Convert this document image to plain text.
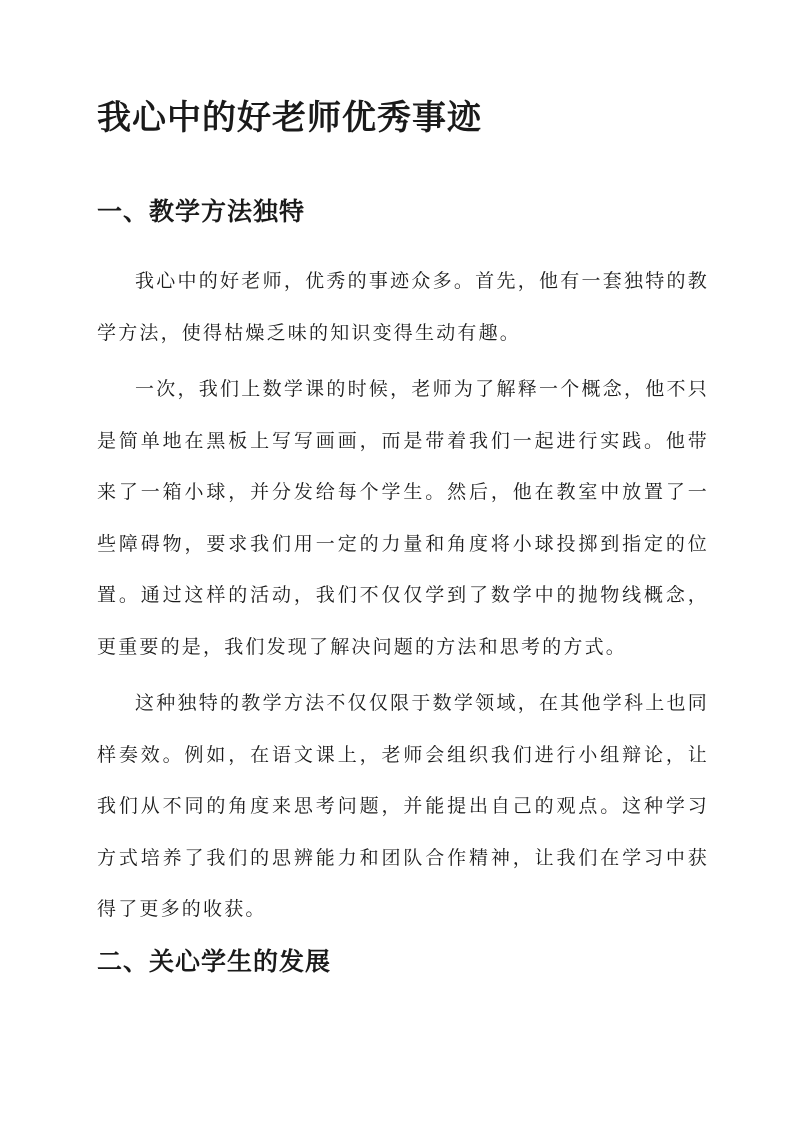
我心中的好老师优秀事迹
一、教学方法独特

我心中的好老师，优秀的事迹众多。首先，他有一套独特的教学方法，使得枯燥乏味的知识变得生动有趣。

一次，我们上数学课的时候，老师为了解释一个概念，他不只是简单地在黑板上写写画画，而是带着我们一起进行实践。他带来了一箱小球，并分发给每个学生。然后，他在教室中放置了一些障碍物，要求我们用一定的力量和角度将小球投掷到指定的位置。通过这样的活动，我们不仅仅学到了数学中的抛物线概念，更重要的是，我们发现了解决问题的方法和思考的方式。

这种独特的教学方法不仅仅限于数学领域，在其他学科上也同样奏效。例如，在语文课上，老师会组织我们进行小组辩论，让我们从不同的角度来思考问题，并能提出自己的观点。这种学习方式培养了我们的思辨能力和团队合作精神，让我们在学习中获得了更多的收获。

二、关心学生的发展
